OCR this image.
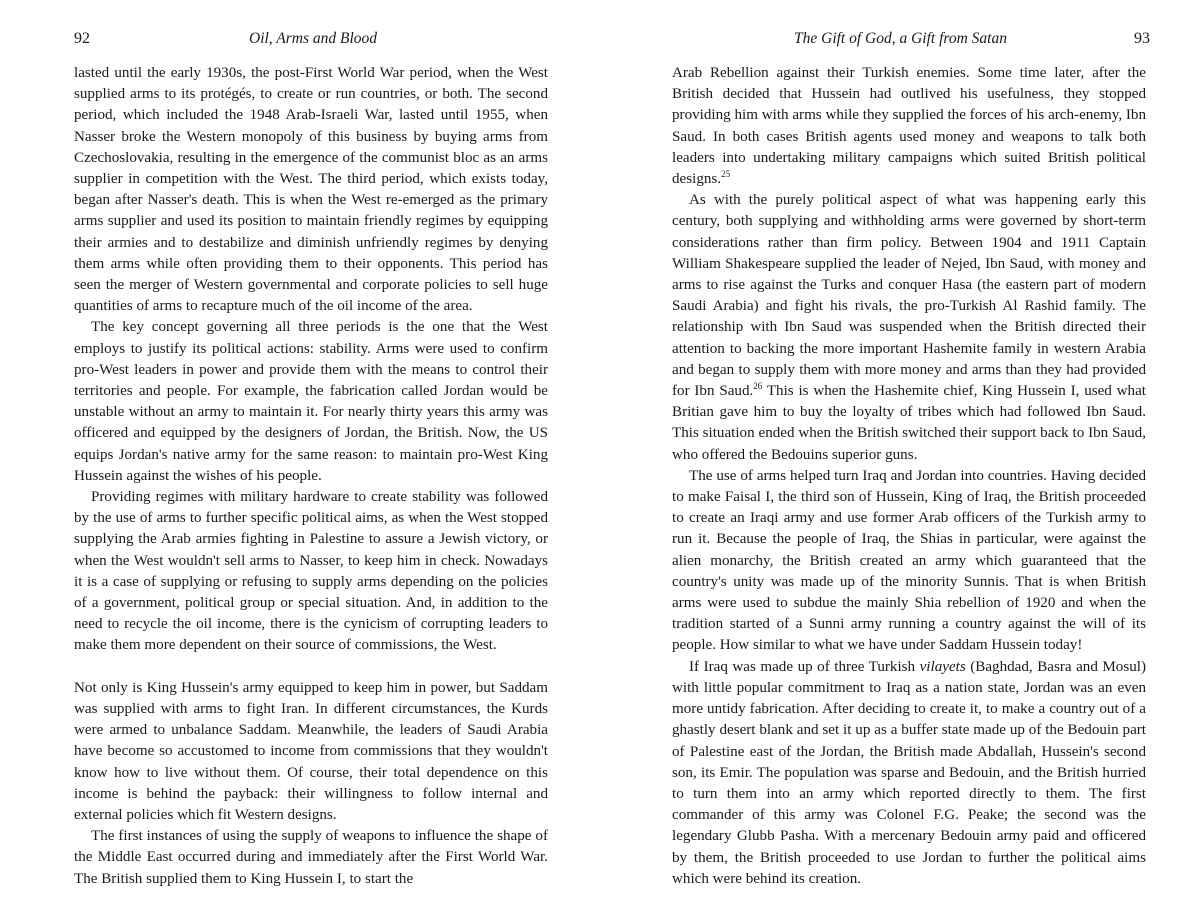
92	Oil, Arms and Blood

lasted until the early 1930s, the post-First World War period, when the West supplied arms to its protégés, to create or run countries, or both. The second period, which included the 1948 Arab-Israeli War, lasted until 1955, when Nasser broke the Western monopoly of this business by buying arms from Czechoslovakia, resulting in the emergence of the communist bloc as an arms supplier in competition with the West. The third period, which exists today, began after Nasser's death. This is when the West re-emerged as the primary arms supplier and used its position to maintain friendly regimes by equipping their armies and to destabilize and diminish unfriendly regimes by denying them arms while often providing them to their opponents. This period has seen the merger of Western governmental and corporate policies to sell huge quantities of arms to recapture much of the oil income of the area.

The key concept governing all three periods is the one that the West employs to justify its political actions: stability. Arms were used to confirm pro-West leaders in power and provide them with the means to control their territories and people. For example, the fabrication called Jordan would be unstable without an army to maintain it. For nearly thirty years this army was officered and equipped by the designers of Jordan, the British. Now, the US equips Jordan's native army for the same reason: to maintain pro-West King Hussein against the wishes of his people.

Providing regimes with military hardware to create stability was followed by the use of arms to further specific political aims, as when the West stopped supplying the Arab armies fighting in Palestine to assure a Jewish victory, or when the West wouldn't sell arms to Nasser, to keep him in check. Nowadays it is a case of supplying or refusing to supply arms depending on the policies of a government, political group or special situation. And, in addition to the need to recycle the oil income, there is the cynicism of corrupting leaders to make them more dependent on their source of commissions, the West.

Not only is King Hussein's army equipped to keep him in power, but Saddam was supplied with arms to fight Iran. In different circumstances, the Kurds were armed to unbalance Saddam. Meanwhile, the leaders of Saudi Arabia have become so accustomed to income from commissions that they wouldn't know how to live without them. Of course, their total dependence on this income is behind the payback: their willingness to follow internal and external policies which fit Western designs.

The first instances of using the supply of weapons to influence the shape of the Middle East occurred during and immediately after the First World War. The British supplied them to King Hussein I, to start the

The Gift of God, a Gift from Satan	93

Arab Rebellion against their Turkish enemies. Some time later, after the British decided that Hussein had outlived his usefulness, they stopped providing him with arms while they supplied the forces of his arch-enemy, Ibn Saud. In both cases British agents used money and weapons to talk both leaders into undertaking military campaigns which suited British political designs.$^{25}$

As with the purely political aspect of what was happening early this century, both supplying and withholding arms were governed by short-term considerations rather than firm policy. Between 1904 and 1911 Captain William Shakespeare supplied the leader of Nejed, Ibn Saud, with money and arms to rise against the Turks and conquer Hasa (the eastern part of modern Saudi Arabia) and fight his rivals, the pro-Turkish Al Rashid family. The relationship with Ibn Saud was suspended when the British directed their attention to backing the more important Hashemite family in western Arabia and began to supply them with more money and arms than they had provided for Ibn Saud.$^{26}$ This is when the Hashemite chief, King Hussein I, used what Britian gave him to buy the loyalty of tribes which had followed Ibn Saud. This situation ended when the British switched their support back to Ibn Saud, who offered the Bedouins superior guns.

The use of arms helped turn Iraq and Jordan into countries. Having decided to make Faisal I, the third son of Hussein, King of Iraq, the British proceeded to create an Iraqi army and use former Arab officers of the Turkish army to run it. Because the people of Iraq, the Shias in particular, were against the alien monarchy, the British created an army which guaranteed that the country's unity was made up of the minority Sunnis. That is when British arms were used to subdue the mainly Shia rebellion of 1920 and when the tradition started of a Sunni army running a country against the will of its people. How similar to what we have under Saddam Hussein today!

If Iraq was made up of three Turkish vilayets (Baghdad, Basra and Mosul) with little popular commitment to Iraq as a nation state, Jordan was an even more untidy fabrication. After deciding to create it, to make a country out of a ghastly desert blank and set it up as a buffer state made up of the Bedouin part of Palestine east of the Jordan, the British made Abdallah, Hussein's second son, its Emir. The population was sparse and Bedouin, and the British hurried to turn them into an army which reported directly to them. The first commander of this army was Colonel F.G. Peake; the second was the legendary Glubb Pasha. With a mercenary Bedouin army paid and officered by them, the British proceeded to use Jordan to further the political aims which were behind its creation.
